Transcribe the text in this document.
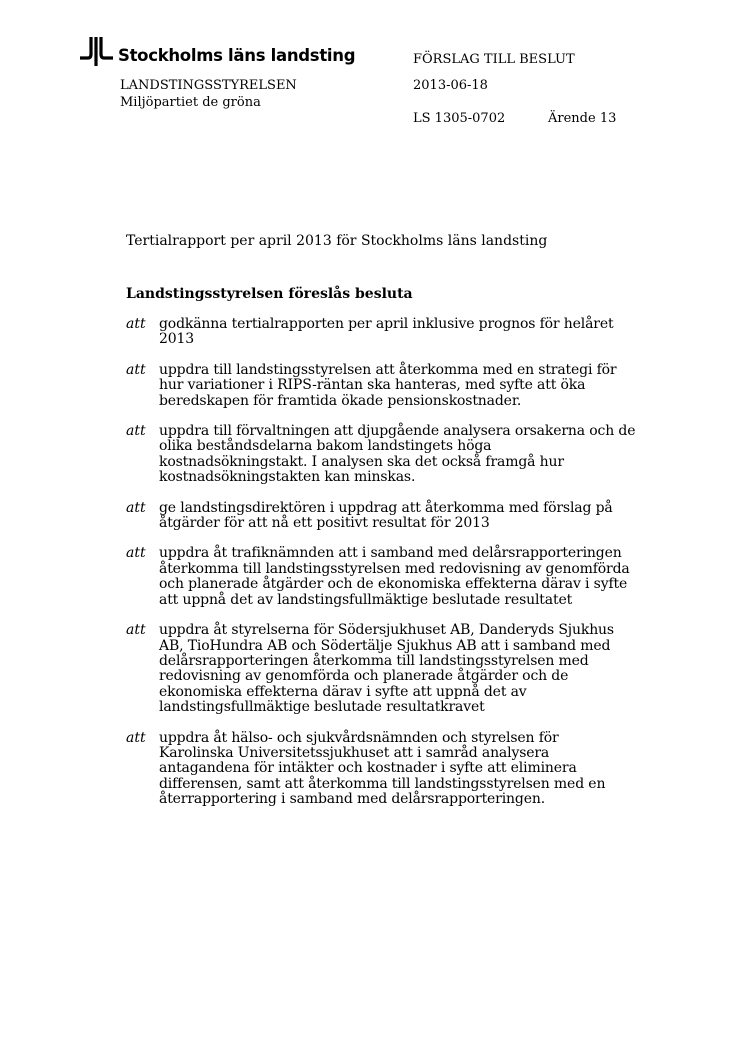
Stockholms läns landsting
LANDSTINGSSTYRELSEN
Miljöpartiet de gröna
FÖRSLAG TILL BESLUT
2013-06-18
LS 1305-0702	Ärende 13
Tertialrapport per april 2013 för Stockholms läns landsting
Landstingsstyrelsen föreslås besluta
att godkänna tertialrapporten per april inklusive prognos för helåret 2013
att uppdra till landstingsstyrelsen att återkomma med en strategi för hur variationer i RIPS-räntan ska hanteras, med syfte att öka beredskapen för framtida ökade pensionskostnader.
att uppdra till förvaltningen att djupgående analysera orsakerna och de olika beståndsdelarna bakom landstingets höga kostnadsökningstakt. I analysen ska det också framgå hur kostnadsökningstakten kan minskas.
att ge landstingsdirektören i uppdrag att återkomma med förslag på åtgärder för att nå ett positivt resultat för 2013
att uppdra åt trafiknämnden att i samband med delårsrapporteringen återkomma till landstingsstyrelsen med redovisning av genomförda och planerade åtgärder och de ekonomiska effekterna därav i syfte att uppnå det av landstingsfullmäktige beslutade resultatet
att uppdra åt styrelserna för Södersjukhuset AB, Danderyds Sjukhus AB, TioHundra AB och Södertälje Sjukhus AB att i samband med delårsrapporteringen återkomma till landstingsstyrelsen med redovisning av genomförda och planerade åtgärder och de ekonomiska effekterna därav i syfte att uppnå det av landstingsfullmäktige beslutade resultatkravet
att uppdra åt hälso- och sjukvårdsnämnden och styrelsen för Karolinska Universitetssjukhuset att i samråd analysera antagandena för intäkter och kostnader i syfte att eliminera differensen, samt att återkomma till landstingsstyrelsen med en återrapportering i samband med delårsrapporteringen.
